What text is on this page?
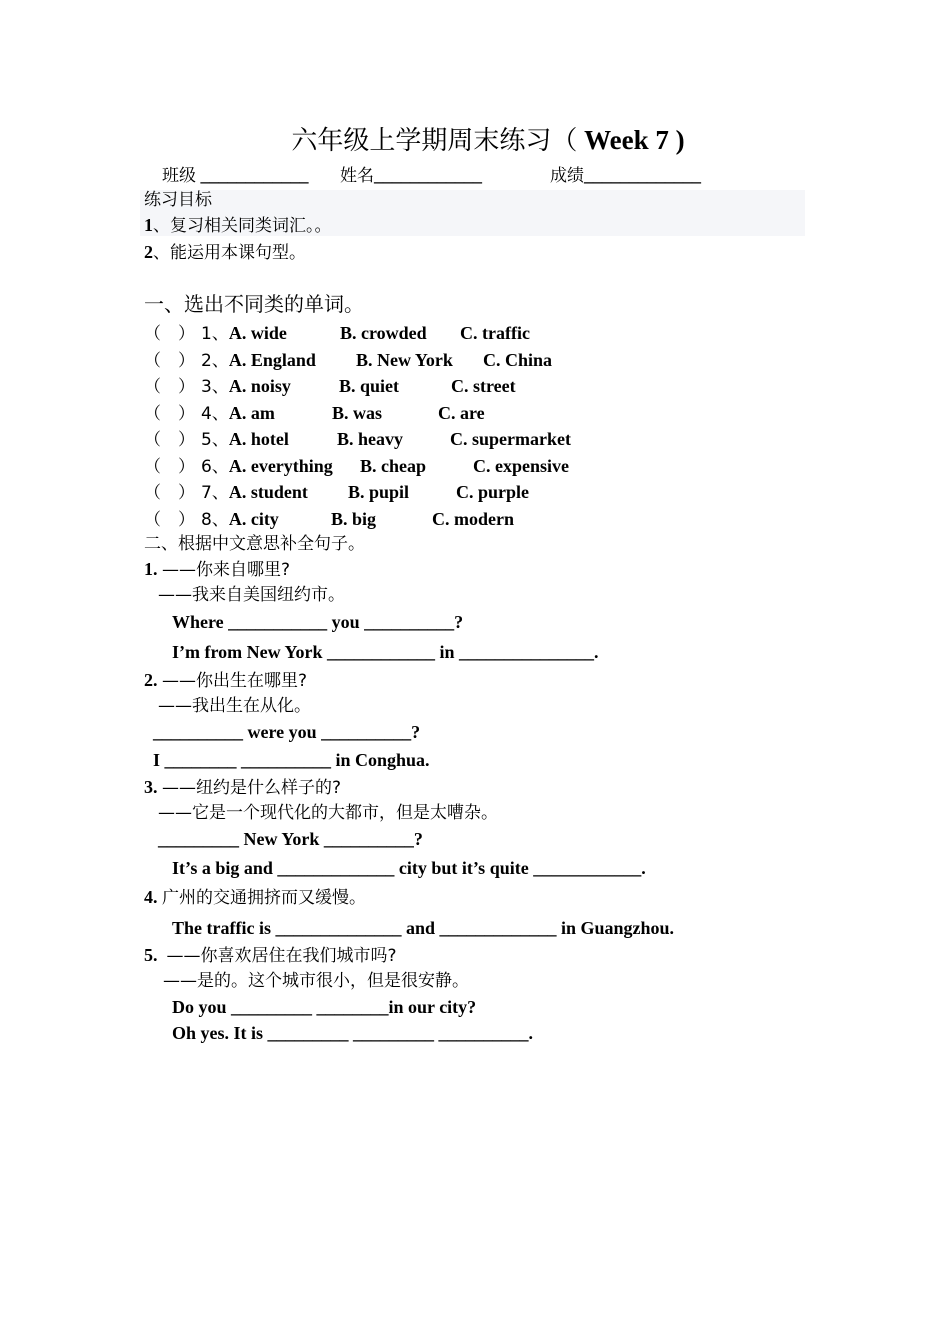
六年级上学期周末练习（ Week 7 )
班级 ____________ 姓名____________	成绩_____________
练习目标
1、复习相关同类词汇。。
2、能运用本课句型。
一、选出不同类的单词。
（　） 1、A. wide	B. crowded C. traffic
（　） 2、A. England B. New York C. China
（　） 3、A. noisy	B. quiet	C. street
（　） 4、A. am	B. was	C. are
（　） 5、A. hotel	B. heavy	C. supermarket
（　） 6、A. everything B. cheap	C. expensive
（　） 7、A. student B. pupil	C. purple
（　） 8、A. city	B. big	C. modern
二、根据中文意思补全句子。
1. ——你来自哪里?
——我来自美国纽约市。
Where ___________ you __________?
I’m from New York ____________ in _______________.
2. ——你出生在哪里?
——我出生在从化。
__________ were you __________?
I ________ __________ in Conghua.
3. ——纽约是什么样子的?
——它是一个现代化的大都市，但是太嘈杂。
_________ New York __________?
It’s a big and _____________ city but it’s quite ____________.
4. 广州的交通拥挤而又缓慢。
The traffic is ______________ and _____________ in Guangzhou.
5.  ——你喜欢居住在我们城市吗?
——是的。这个城市很小，但是很安静。
Do you _________ ________in our city?
Oh yes. It is _________ _________ __________.
